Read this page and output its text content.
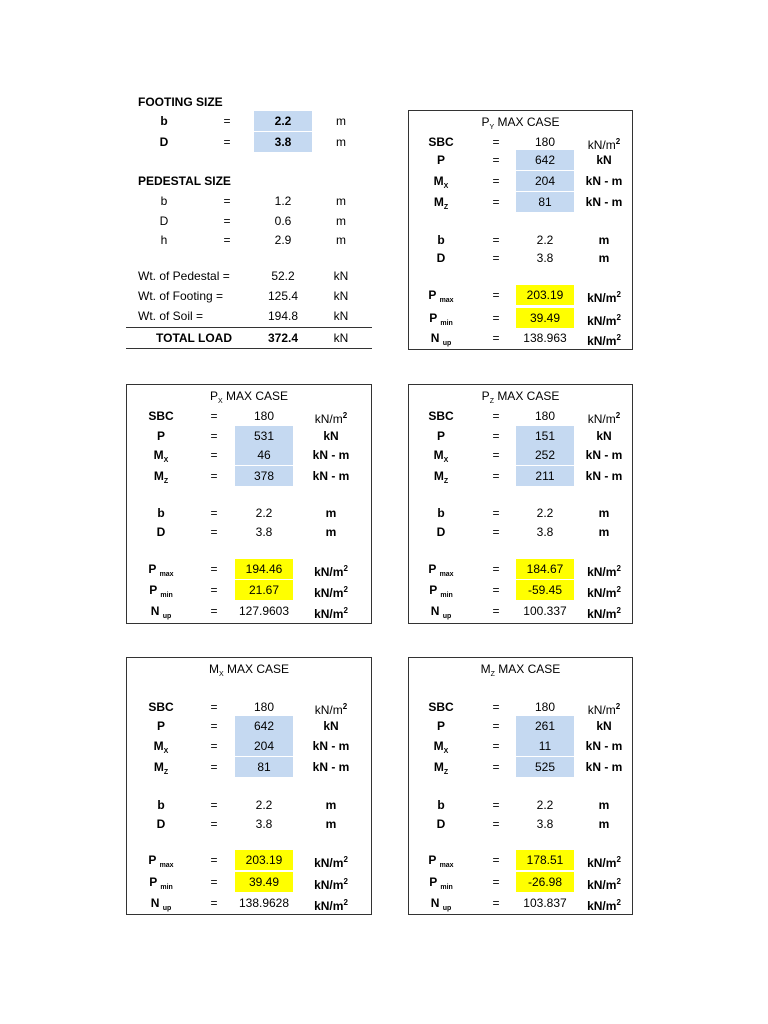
FOOTING SIZE
b	=	2.2	m
D	=	3.8	m
PEDESTAL SIZE
b	=	1.2	m
D	=	0.6	m
h	=	2.9	m
Wt. of Pedestal =	52.2	kN
Wt. of Footing =	125.4	kN
Wt. of Soil =	194.8	kN
TOTAL LOAD	372.4	kN
$P_Y$ MAX CASE
SBC	=	180	$kN/m^2$
P	=	642	kN
$M_X$	=	204	kN - m
$M_Z$	=	81	kN - m
b	=	2.2	m
D	=	3.8	m
P $_{max}$	=	203.19	$kN/m^2$
P $_{min}$	=	39.49	$kN/m^2$
N $_{up}$	=	138.963	$kN/m^2$
$P_X$ MAX CASE
SBC	=	180	$kN/m^2$
P	=	531	kN
$M_X$	=	46	kN - m
$M_Z$	=	378	kN - m
b	=	2.2	m
D	=	3.8	m
P $_{max}$	=	194.46	$kN/m^2$
P $_{min}$	=	21.67	$kN/m^2$
N $_{up}$	=	127.9603	$kN/m^2$
$P_Z$ MAX CASE
SBC	=	180	$kN/m^2$
P	=	151	kN
$M_X$	=	252	kN - m
$M_Z$	=	211	kN - m
b	=	2.2	m
D	=	3.8	m
P $_{max}$	=	184.67	$kN/m^2$
P $_{min}$	=	-59.45	$kN/m^2$
N $_{up}$	=	100.337	$kN/m^2$
$M_X$ MAX CASE
SBC	=	180	$kN/m^2$
P	=	642	kN
$M_X$	=	204	kN - m
$M_Z$	=	81	kN - m
b	=	2.2	m
D	=	3.8	m
P $_{max}$	=	203.19	$kN/m^2$
P $_{min}$	=	39.49	$kN/m^2$
N $_{up}$	=	138.9628	$kN/m^2$
$M_Z$ MAX CASE
SBC	=	180	$kN/m^2$
P	=	261	kN
$M_X$	=	11	kN - m
$M_Z$	=	525	kN - m
b	=	2.2	m
D	=	3.8	m
P $_{max}$	=	178.51	$kN/m^2$
P $_{min}$	=	-26.98	$kN/m^2$
N $_{up}$	=	103.837	$kN/m^2$
